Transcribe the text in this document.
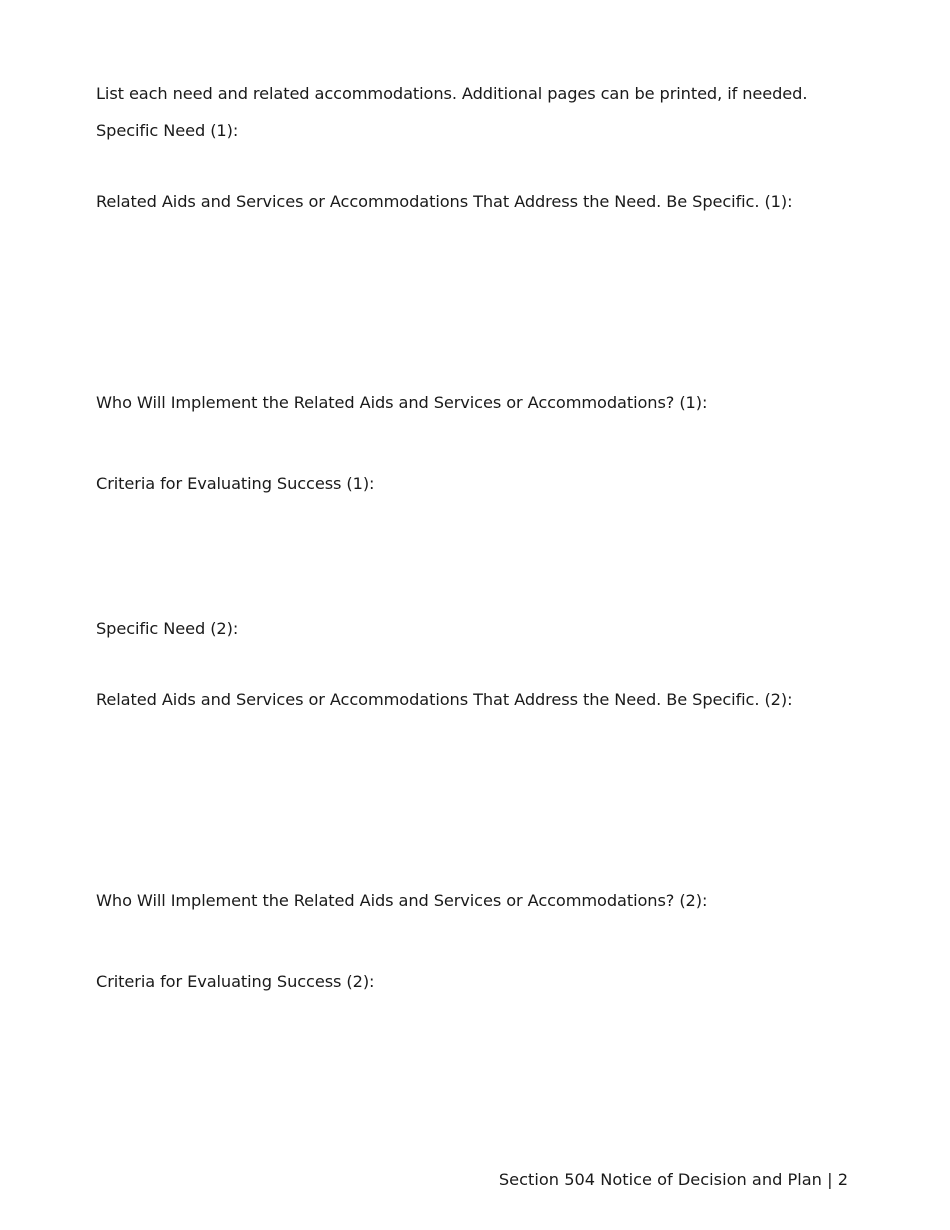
List each need and related accommodations. Additional pages can be printed, if needed.
Specific Need (1):
Related Aids and Services or Accommodations That Address the Need. Be Specific. (1):
Who Will Implement the Related Aids and Services or Accommodations? (1):
Criteria for Evaluating Success (1):
Specific Need (2):
Related Aids and Services or Accommodations That Address the Need. Be Specific. (2):
Who Will Implement the Related Aids and Services or Accommodations? (2):
Criteria for Evaluating Success (2):
Section 504 Notice of Decision and Plan | 2
